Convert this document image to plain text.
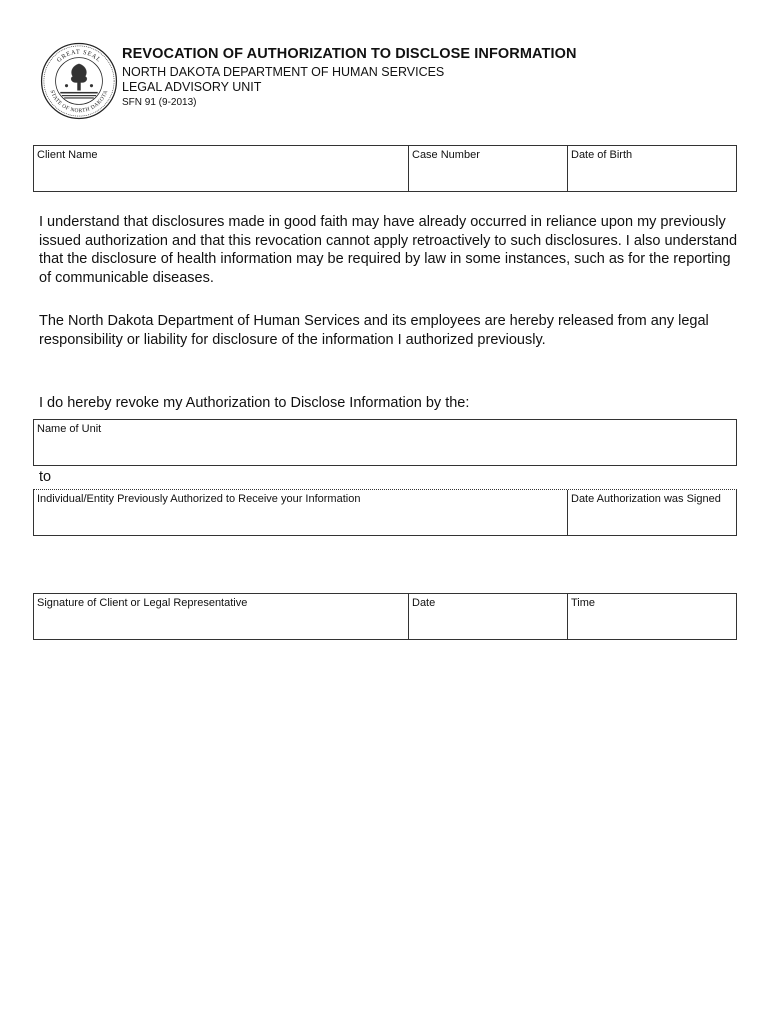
GREAT SEAL
STATE OF NORTH DAKOTA
REVOCATION OF AUTHORIZATION TO DISCLOSE INFORMATION
NORTH DAKOTA DEPARTMENT OF HUMAN SERVICES
LEGAL ADVISORY UNIT
SFN 91 (9-2013)
Client Name	Case Number	Date of Birth

I understand that disclosures made in good faith may have already occurred in reliance upon my previously issued authorization and that this revocation cannot apply retroactively to such disclosures. I also understand that the disclosure of health information may be required by law in some instances, such as for the reporting of communicable diseases.

The North Dakota Department of Human Services and its employees are hereby released from any legal responsibility or liability for disclosure of the information I authorized previously.

I do hereby revoke my Authorization to Disclose Information by the:

Name of Unit
to
Individual/Entity Previously Authorized to Receive your Information	Date Authorization was Signed
Signature of Client or Legal Representative	Date	Time
